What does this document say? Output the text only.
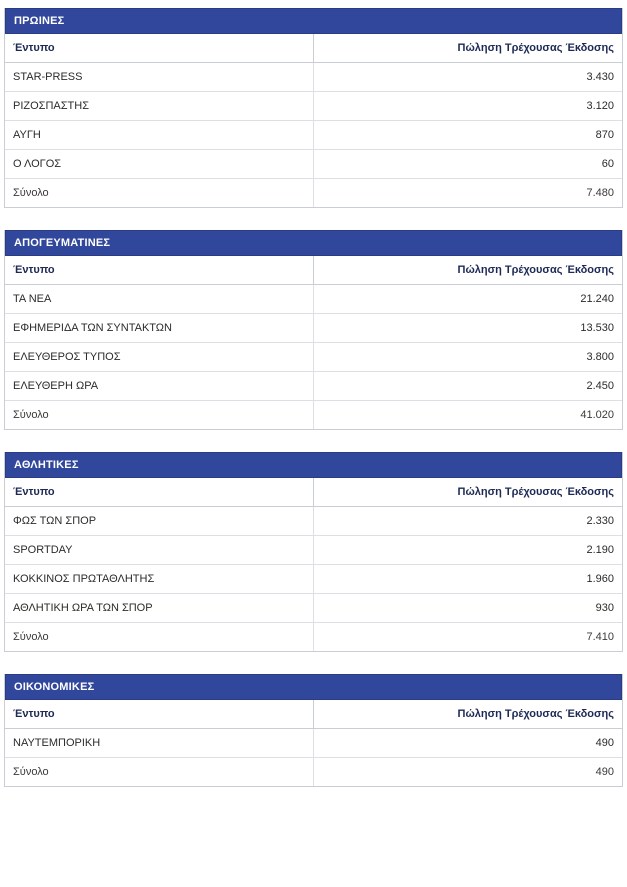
ΠΡΩΙΝΕΣ
Έντυπο	Πώληση Τρέχουσας Έκδοσης
STAR-PRESS	3.430
ΡΙΖΟΣΠΑΣΤΗΣ	3.120
ΑΥΓΗ	870
Ο ΛΟΓΟΣ	60
Σύνολο	7.480
ΑΠΟΓΕΥΜΑΤΙΝΕΣ
Έντυπο	Πώληση Τρέχουσας Έκδοσης
ΤΑ ΝΕΑ	21.240
ΕΦΗΜΕΡΙΔΑ ΤΩΝ ΣΥΝΤΑΚΤΩΝ	13.530
ΕΛΕΥΘΕΡΟΣ ΤΥΠΟΣ	3.800
ΕΛΕΥΘΕΡΗ ΩΡΑ	2.450
Σύνολο	41.020
ΑΘΛΗΤΙΚΕΣ
Έντυπο	Πώληση Τρέχουσας Έκδοσης
ΦΩΣ ΤΩΝ ΣΠΟΡ	2.330
SPORTDAY	2.190
ΚΟΚΚΙΝΟΣ ΠΡΩΤΑΘΛΗΤΗΣ	1.960
ΑΘΛΗΤΙΚΗ ΩΡΑ ΤΩΝ ΣΠΟΡ	930
Σύνολο	7.410
ΟΙΚΟΝΟΜΙΚΕΣ
Έντυπο	Πώληση Τρέχουσας Έκδοσης
ΝΑΥΤΕΜΠΟΡΙΚΗ	490
Σύνολο	490
